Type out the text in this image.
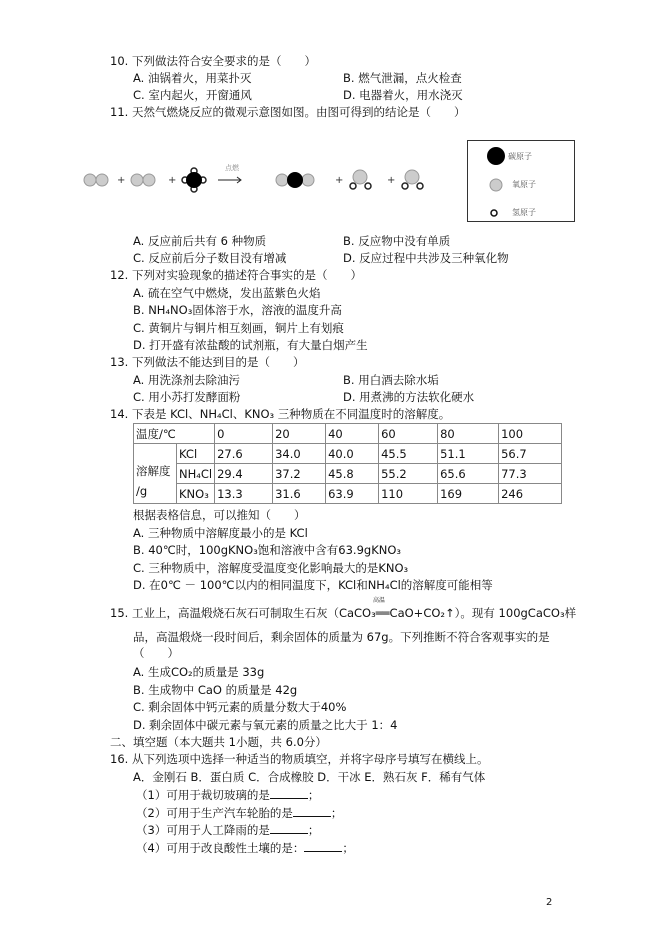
10. 下列做法符合安全要求的是（　　）
A. 油锅着火，用菜扑灭	B. 燃气泄漏，点火检查
C. 室内起火，开窗通风	D. 电器着火，用水浇灭
11. 天然气燃烧反应的微观示意图如图。由图可得到的结论是（　　）
+	+	+	+
点燃
碳原子
氧原子
氢原子
A. 反应前后共有 6 种物质	B. 反应物中没有单质
C. 反应前后分子数目没有增减	D. 反应过程中共涉及三种氧化物
12. 下列对实验现象的描述符合事实的是（　　）
A. 硫在空气中燃烧，发出蓝紫色火焰
B. NH₄NO₃固体溶于水，溶液的温度升高
C. 黄铜片与铜片相互刻画，铜片上有划痕
D. 打开盛有浓盐酸的试剂瓶，有大量白烟产生
13. 下列做法不能达到目的是（　　）
A. 用洗涤剂去除油污	B. 用白酒去除水垢
C. 用小苏打发酵面粉	D. 用煮沸的方法软化硬水
14. 下表是 KCl、NH₄Cl、KNO₃ 三种物质在不同温度时的溶解度。
温度/℃		0	20	40	60	80	100

溶解度
/g	KCl	27.6	34.0	40.0	45.5	51.1	56.7
	NH₄Cl	29.4	37.2	45.8	55.2	65.6	77.3
	KNO₃	13.3	31.6	63.9	110	169	246
根据表格信息，可以推知（　　）
A. 三种物质中溶解度最小的是 KCl
B. 40℃时，100gKNO₃饱和溶液中含有63.9gKNO₃
C. 三种物质中，溶解度受温度变化影响最大的是KNO₃
D. 在0℃ － 100℃以内的相同温度下，KCl和NH₄Cl的溶解度可能相等
高温
15. 工业上，高温煅烧石灰石可制取生石灰（CaCO₃══CaO+CO₂↑）。现有 100gCaCO₃样
品，高温煅烧一段时间后，剩余固体的质量为 67g。下列推断不符合客观事实的是
（　　）
A. 生成CO₂的质量是 33g
B. 生成物中 CaO 的质量是 42g
C. 剩余固体中钙元素的质量分数大于40%
D. 剩余固体中碳元素与氧元素的质量之比大于 1：4
二、填空题（本大题共 1小题，共 6.0分）
16. 从下列选项中选择一种适当的物质填空，并将字母序号填写在横线上。
A．金刚石 B．蛋白质 C．合成橡胶 D．干冰 E．熟石灰 F．稀有气体
（1）可用于裁切玻璃的是	；
（2）可用于生产汽车轮胎的是	；
（3）可用于人工降雨的是	；
（4）可用于改良酸性土壤的是：	；
2
